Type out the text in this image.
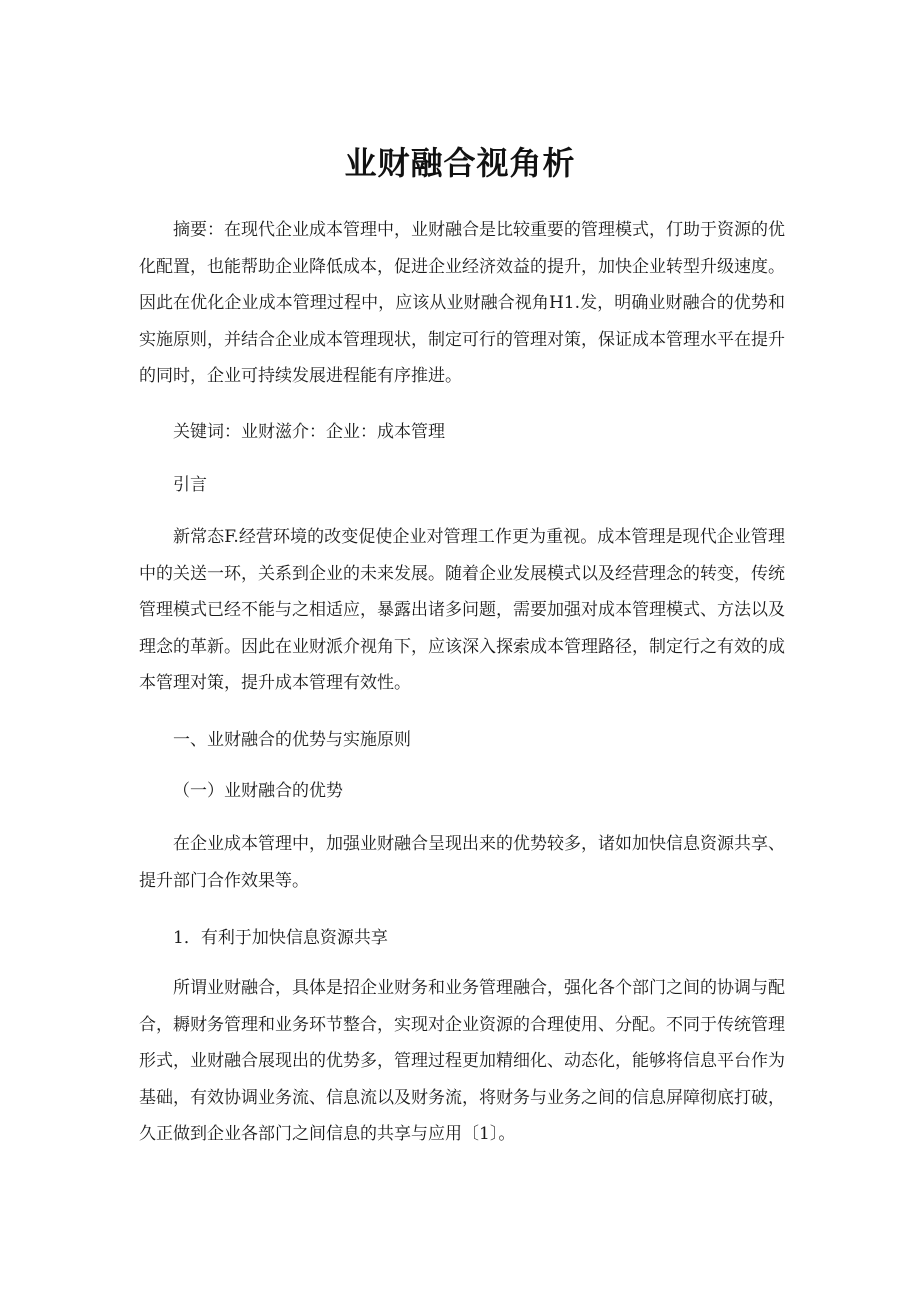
业财融合视角析

摘要：在现代企业成本管理中，业财融合是比较重要的管理模式，仃助于资源的优化配置，也能帮助企业降低成本，促进企业经济效益的提升，加快企业转型升级速度。因此在优化企业成本管理过程中，应该从业财融合视角H1.发，明确业财融合的优势和实施原则，并结合企业成本管理现状，制定可行的管理对策，保证成本管理水平在提升的同时，企业可持续发展进程能有序推进。

关键词：业财滋介：企业：成本管理

引言

新常态F.经营环境的改变促使企业对管理工作更为重视。成本管理是现代企业管理中的关送一环，关系到企业的未来发展。随着企业发展模式以及经营理念的转变，传统管理模式已经不能与之相适应，暴露出诸多问题，需要加强对成本管理模式、方法以及理念的革新。因此在业财派介视角下，应该深入探索成本管理路径，制定行之有效的成本管理对策，提升成本管理有效性。

一、业财融合的优势与实施原则

（一）业财融合的优势

在企业成本管理中，加强业财融合呈现出来的优势较多，诸如加快信息资源共享、提升部门合作效果等。

1．有利于加快信息资源共享

所谓业财融合，具体是招企业财务和业务管理融合，强化各个部门之间的协调与配合，耨财务管理和业务环节整合，实现对企业资源的合理使用、分配。不同于传统管理形式，业财融合展现出的优势多，管理过程更加精细化、动态化，能够将信息平台作为基础，有效协调业务流、信息流以及财务流，将财务与业务之间的信息屏障彻底打破，久正做到企业各部门之间信息的共享与应用〔1〕。
